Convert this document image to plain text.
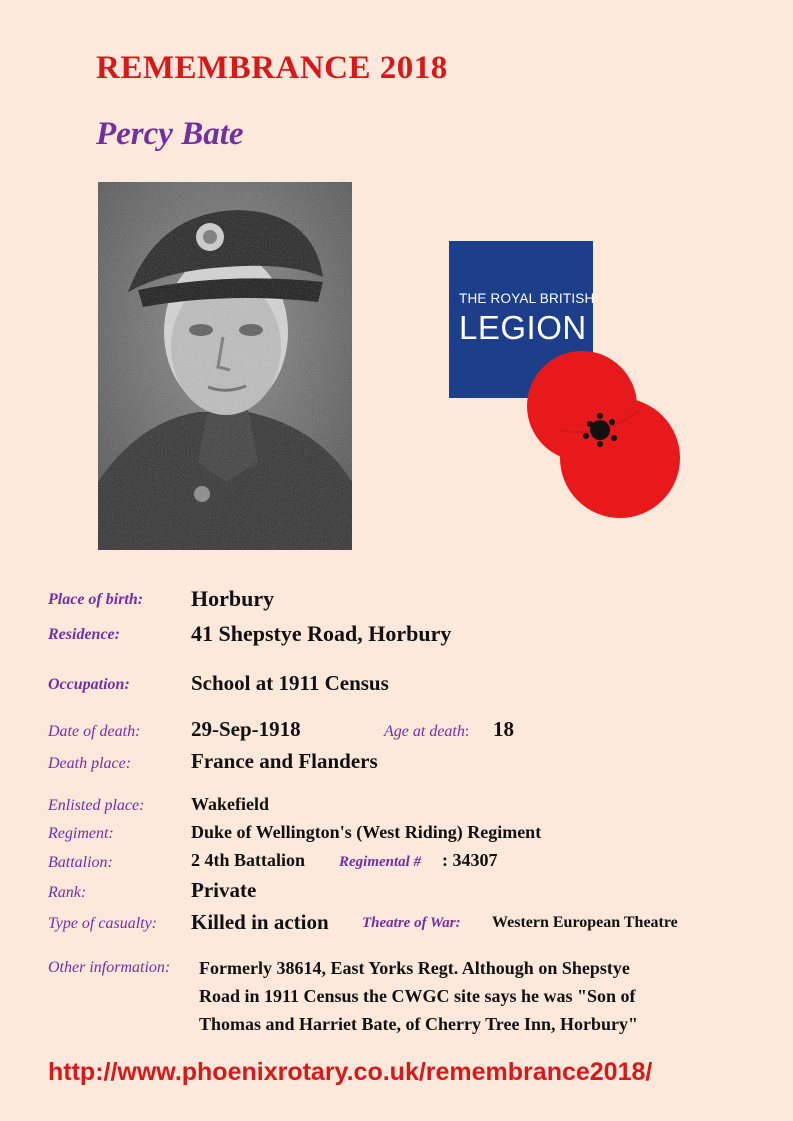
REMEMBRANCE 2018
Percy Bate
THE ROYAL BRITISH
LEGION
Place of birth: Horbury
Residence:	41 Shepstye Road, Horbury
Occupation:	School at 1911 Census
Date of death: 29-Sep-1918	Age at death: 18
Death place:	France and Flanders
Enlisted place:	Wakefield
Regiment:	Duke of Wellington's (West Riding) Regiment
Battalion:	2 4th Battalion Regimental # : 34307
Rank:	Private
Type of casualty: Killed in action Theatre of War: Western European Theatre
Other information: Formerly 38614, East Yorks Regt. Although on Shepstye
Road in 1911 Census the CWGC site says he was "Son of
Thomas and Harriet Bate, of Cherry Tree Inn, Horbury"
http://www.phoenixrotary.co.uk/remembrance2018/
